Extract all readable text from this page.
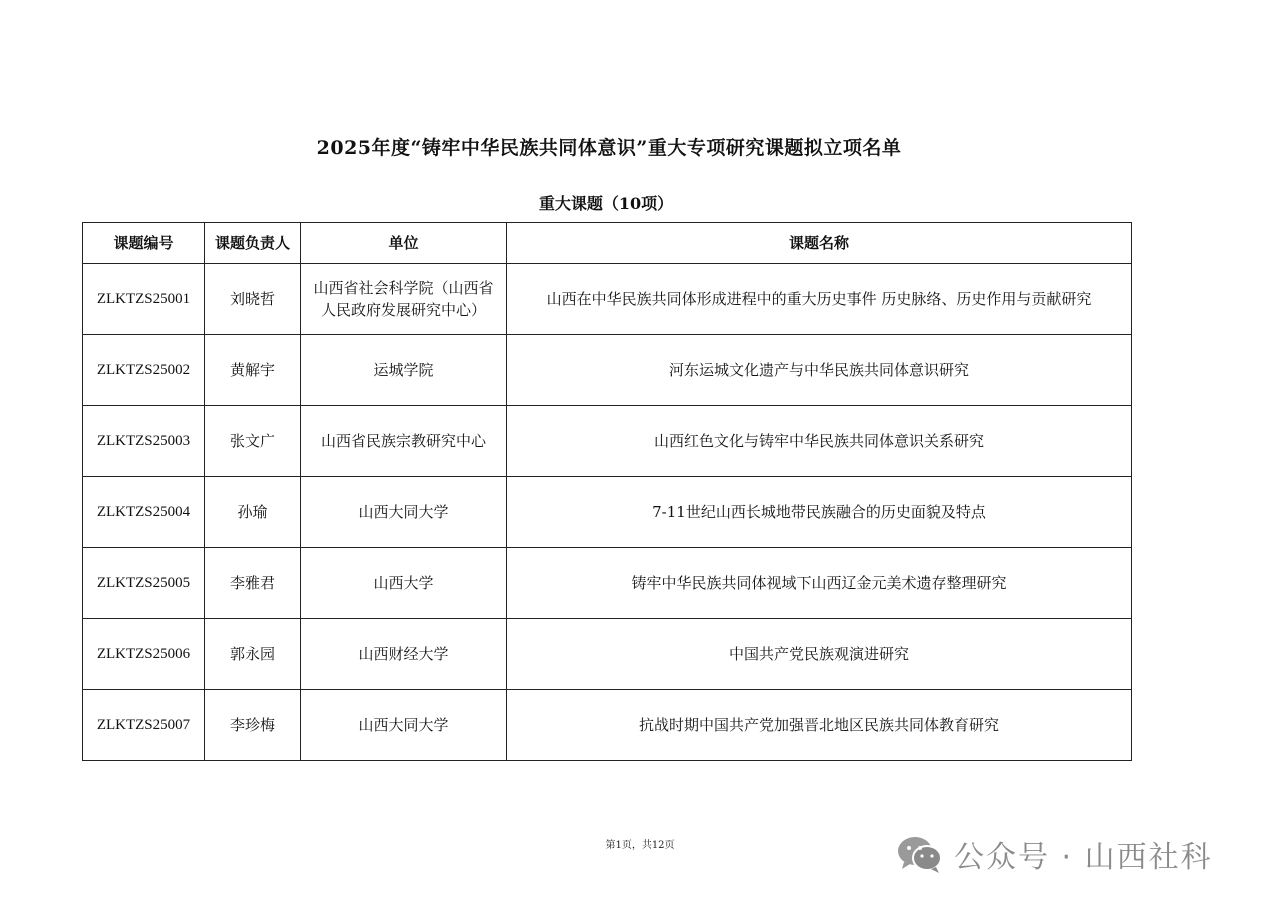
2025年度“铸牢中华民族共同体意识”重大专项研究课题拟立项名单
重大课题（10项）
课题编号	课题负责人	单位	课题名称
ZLKTZS25001	刘晓哲	山西省社会科学院（山西省人民政府发展研究中心）	山西在中华民族共同体形成进程中的重大历史事件 历史脉络、历史作用与贡献研究
ZLKTZS25002	黄解宇	运城学院	河东运城文化遗产与中华民族共同体意识研究
ZLKTZS25003	张文广	山西省民族宗教研究中心	山西红色文化与铸牢中华民族共同体意识关系研究
ZLKTZS25004	孙瑜	山西大同大学	7-11世纪山西长城地带民族融合的历史面貌及特点
ZLKTZS25005	李雅君	山西大学	铸牢中华民族共同体视域下山西辽金元美术遗存整理研究
ZLKTZS25006	郭永园	山西财经大学	中国共产党民族观演进研究
ZLKTZS25007	李珍梅	山西大同大学	抗战时期中国共产党加强晋北地区民族共同体教育研究
第1页，共12页	公众号 · 山西社科
